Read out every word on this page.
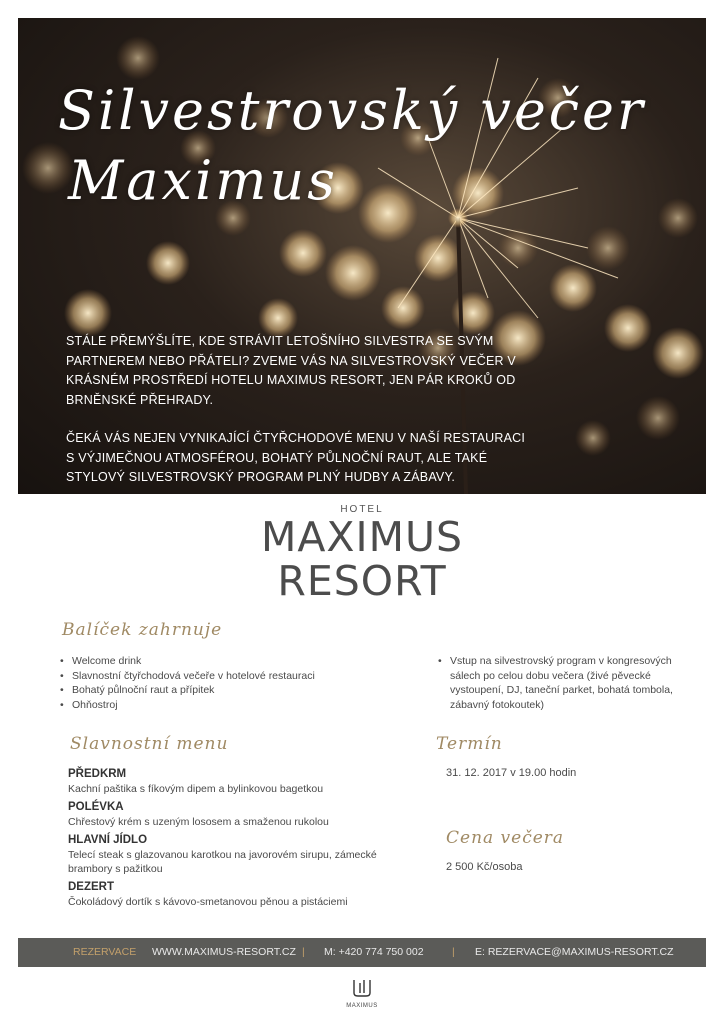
Silvestrovský večer
Maximus

STÁLE PŘEMÝŠLÍTE, KDE STRÁVIT LETOŠNÍHO SILVESTRA SE SVÝM PARTNEREM NEBO PŘÁTELI? ZVEME VÁS NA SILVESTROVSKÝ VEČER V KRÁSNÉM PROSTŘEDÍ HOTELU MAXIMUS RESORT, JEN PÁR KROKŮ OD BRNĚNSKÉ PŘEHRADY.

ČEKÁ VÁS NEJEN VYNIKAJÍCÍ ČTYŘCHODOVÉ MENU V NAŠÍ RESTAURACI S VÝJIMEČNOU ATMOSFÉROU, BOHATÝ PŮLNOČNÍ RAUT, ALE TAKÉ STYLOVÝ SILVESTROVSKÝ PROGRAM PLNÝ HUDBY A ZÁBAVY.

HOTEL
MAXIMUS
RESORT
Balíček zahrnuje
• Welcome drink
• Slavnostní čtyřchodová večeře v hotelové restauraci
• Bohatý půlnoční raut a přípitek
• Ohňostroj
• Vstup na silvestrovský program v kongresových sálech po celou dobu večera (živé pěvecké vystoupení, DJ, taneční parket, bohatá tombola, zábavný fotokoutek)
Slavnostní menu
PŘEDKRM
Kachní paštika s fíkovým dipem a bylinkovou bagetkou
POLÉVKA
Chřestový krém s uzeným lososem a smaženou rukolou
HLAVNÍ JÍDLO
Telecí steak s glazovanou karotkou na javorovém sirupu, zámecké brambory s pažitkou
DEZERT
Čokoládový dortík s kávovo-smetanovou pěnou a pistáciemi
Termín
31. 12. 2017 v 19.00 hodin
Cena večera
2 500 Kč/osoba
REZERVACE WWW.MAXIMUS-RESORT.CZ | M: +420 774 750 002	| E: REZERVACE@MAXIMUS-RESORT.CZ
MAXIMUS
